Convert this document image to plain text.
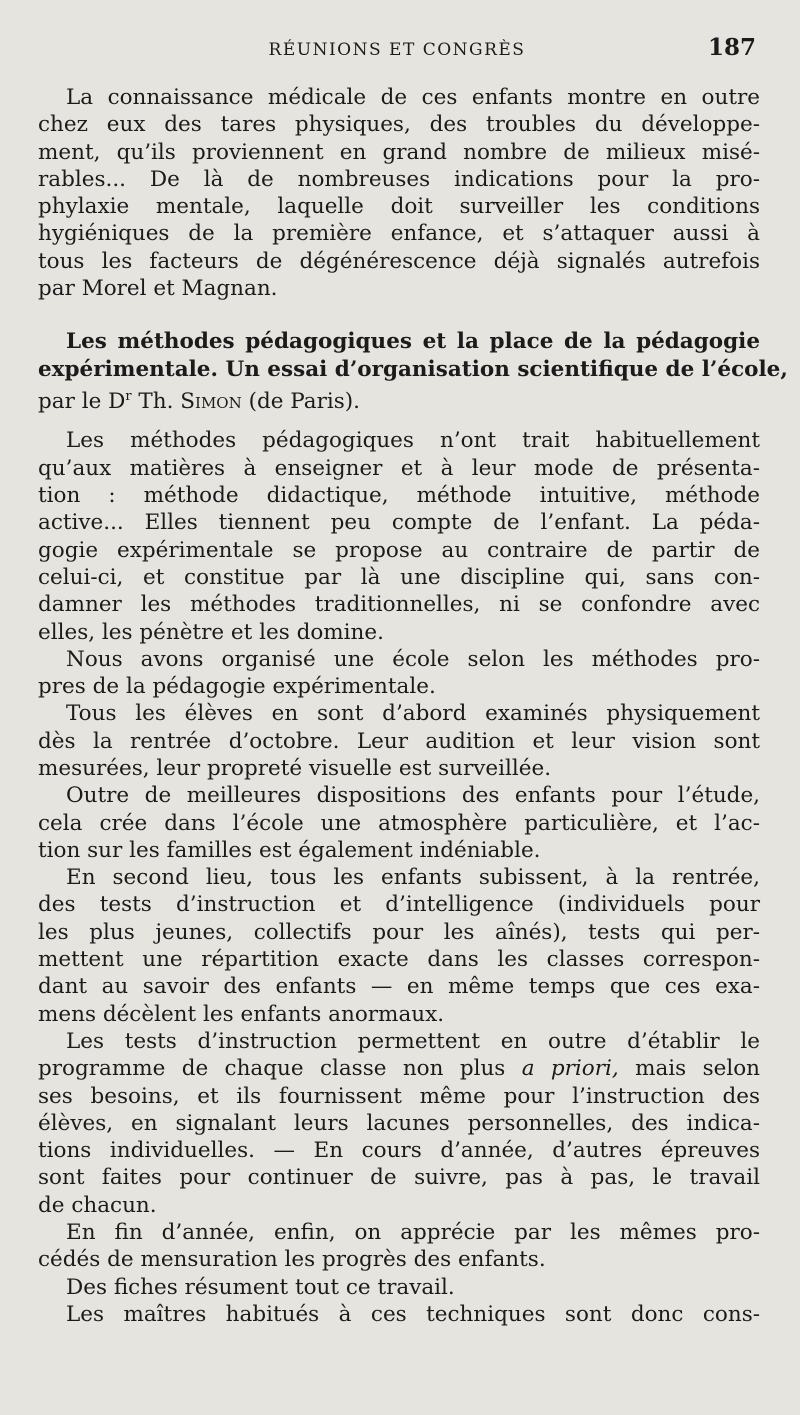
RÉUNIONS ET CONGRÈS	187
La connaissance médicale de ces enfants montre en outre
chez eux des tares physiques, des troubles du développe-
ment, qu’ils proviennent en grand nombre de milieux misé-
rables... De là de nombreuses indications pour la pro-
phylaxie mentale, laquelle doit surveiller les conditions
hygiéniques de la première enfance, et s’attaquer aussi à
tous les facteurs de dégénérescence déjà signalés autrefois
par Morel et Magnan.
Les méthodes pédagogiques et la place de la pédagogie
expérimentale. Un essai d’organisation scientifique de l’école,
par le $D^r$ Th. Simon (de Paris).
Les méthodes pédagogiques n’ont trait habituellement
qu’aux matières à enseigner et à leur mode de présenta-
tion : méthode didactique, méthode intuitive, méthode
active... Elles tiennent peu compte de l’enfant. La péda-
gogie expérimentale se propose au contraire de partir de
celui-ci, et constitue par là une discipline qui, sans con-
damner les méthodes traditionnelles, ni se confondre avec
elles, les pénètre et les domine.
Nous avons organisé une école selon les méthodes pro-
pres de la pédagogie expérimentale.
Tous les élèves en sont d’abord examinés physiquement
dès la rentrée d’octobre. Leur audition et leur vision sont
mesurées, leur propreté visuelle est surveillée.
Outre de meilleures dispositions des enfants pour l’étude,
cela crée dans l’école une atmosphère particulière, et l’ac-
tion sur les familles est également indéniable.
En second lieu, tous les enfants subissent, à la rentrée,
des tests d’instruction et d’intelligence (individuels pour
les plus jeunes, collectifs pour les aînés), tests qui per-
mettent une répartition exacte dans les classes correspon-
dant au savoir des enfants — en même temps que ces exa-
mens décèlent les enfants anormaux.
Les tests d’instruction permettent en outre d’établir le
programme de chaque classe non plus a priori, mais selon
ses besoins, et ils fournissent même pour l’instruction des
élèves, en signalant leurs lacunes personnelles, des indica-
tions individuelles. — En cours d’année, d’autres épreuves
sont faites pour continuer de suivre, pas à pas, le travail
de chacun.
En fin d’année, enfin, on apprécie par les mêmes pro-
cédés de mensuration les progrès des enfants.
Des fiches résument tout ce travail.
Les maîtres habitués à ces techniques sont donc cons-
